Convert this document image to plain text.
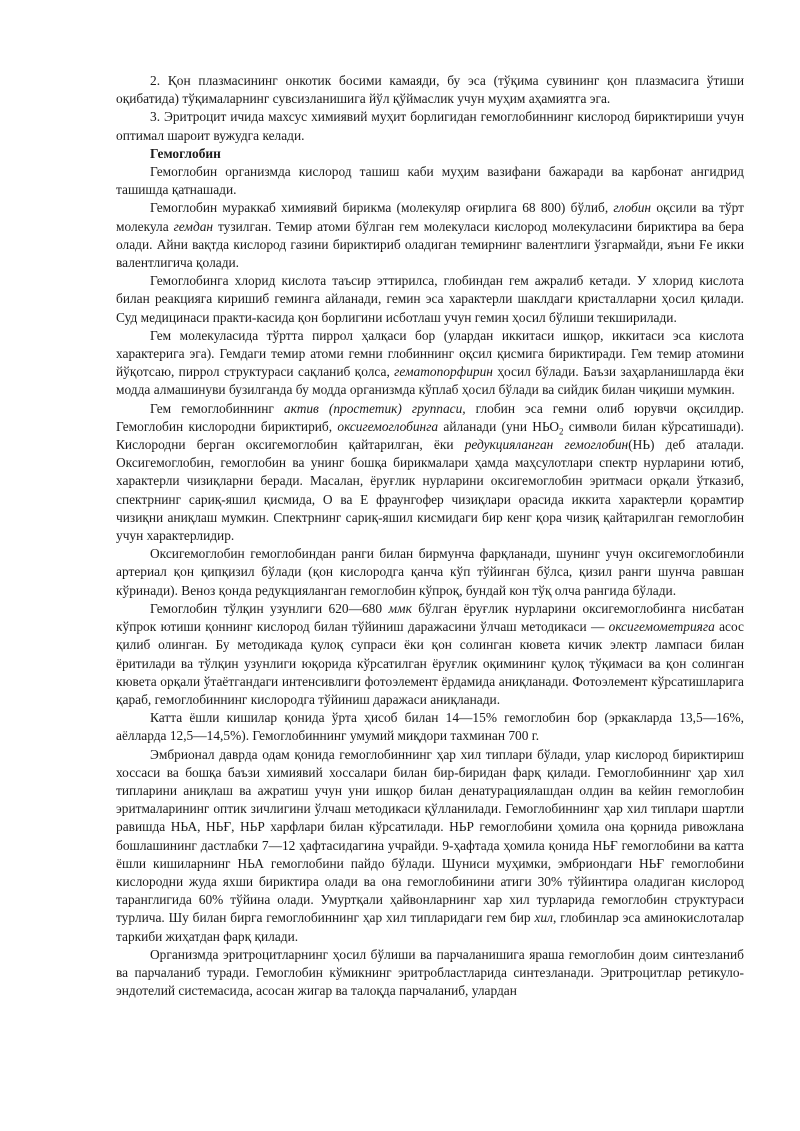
2. Қон плазмасининг онкотик босими камаяди, бу эса (тўқима сувининг қон плазмасига ўтиши оқибатида) тўқималарнинг сувсизланишига йўл қўймаслик учун муҳим аҳамиятга эга.

3. Эритроцит ичида махсус химиявий муҳит борлигидан гемоглобиннинг кислород бириктириши учун оптимал шароит вужудга келади.

Гемоглобин

Гемоглобин организмда кислород ташиш каби муҳим вазифани бажаради ва карбонат ангидрид ташишда қатнашади.

Гемоглобин мураккаб химиявий бирикма (молекуляр оғирлига 68 800) бўлиб, глобин оқсили ва тўрт молекула гемдан тузилган. Темир атоми бўлган гем молекуласи кислород молекуласини бириктира ва бера олади. Айни вақтда кислород газини бириктириб оладиган темирнинг валентлиги ўзгармайди, яъни Fe икки валентлигича қолади.

Гемоглобинга хлорид кислота таъсир эттирилса, глобиндан гем ажралиб кетади. У хлорид кислота билан реакцияга киришиб геминга айланади, гемин эса характерли шаклдаги кристалларни ҳосил қилади. Суд медицинаси практи-касида қон борлигини исботлаш учун гемин ҳосил бўлиши текширилади.

Гем молекуласида тўртта пиррол ҳалқаси бор (улардан иккитаси ишқор, иккитаси эса кислота характерига эга). Гемдаги темир атоми гемни глобиннинг оқсил қисмига бириктиради. Гем темир атомини йўқотсаю, пиррол структураси сақланиб қолса, гематопорфирин ҳосил бўлади. Баъзи заҳарланишларда ёки модда алмашинуви бузилганда бу модда организмда кўплаб ҳосил бўлади ва сийдик билан чиқиши мумкин.

Гем гемоглобиннинг актив (простетик) группаси, глобин эса гемни олиб юрувчи оқсилдир. Гемоглобин кислородни бириктириб, оксигемоглобинга айланади (уни $НЬО_2$ символи билан кўрсатишади). Кислородни берган оксигемоглобин қайтарилган, ёки редукцияланган гемоглобин(НЬ) деб аталади. Оксигемоглобин, гемоглобин ва унинг бошқа бирикмалари ҳамда маҳсулотлари спектр нурларини ютиб, характерли чизиқларни беради. Масалан, ёруғлик нурларини оксигемоглобин эритмаси орқали ўтказиб, спектрнинг сариқ-яшил қисмида, О ва Е фраунгофер чизиқлари орасида иккита характерли қорамтир чизиқни аниқлаш мумкин. Спектрнинг сариқ-яшил кисмидаги бир кенг қора чизиқ қайтарилган гемоглобин учун характерлидир.

Оксигемоглобин гемоглобиндан ранги билан бирмунча фарқланади, шунинг учун оксигемоглобинли артериал қон қипқизил бўлади (қон кислородга қанча кўп тўйинган бўлса, қизил ранги шунча равшан кўринади). Веноз қонда редукцияланган гемоглобин кўпроқ, бундай кон тўқ олча рангида бўлади.

Гемоглобин тўлқин узунлиги 620—680 ммк бўлган ёруғлик нурларини оксигемоглобинга нисбатан кўпрок ютиши қоннинг кислород билан тўйиниш даражасини ўлчаш методикаси — оксигемометрияга асос қилиб олинган. Бу методикада қулоқ супраси ёки қон солинган кювета кичик электр лампаси билан ёритилади ва тўлқин узунлиги юқорида кўрсатилган ёруғлик оқимининг қулоқ тўқимаси ва қон солинган кювета орқали ўтаётгандаги интенсивлиги фотоэлемент ёрдамида аниқланади. Фотоэлемент кўрсатишларига қараб, гемоглобиннинг кислородга тўйиниш даражаси аниқланади.

Катта ёшли кишилар қонида ўрта ҳисоб билан 14—15% гемоглобин бор (эркакларда 13,5—16%, аёлларда 12,5—14,5%). Гемоглобиннинг умумий миқдори тахминан 700 г.

Эмбрионал даврда одам қонида гемоглобиннинг ҳар хил типлари бўлади, улар кислород бириктириш хоссаси ва бошқа баъзи химиявий хоссалари билан бир-биридан фарқ қилади. Гемоглобиннинг ҳар хил типларини аниқлаш ва ажратиш учун уни ишқор билан денатурациялашдан олдин ва кейин гемоглобин эритмаларининг оптик зичлигини ўлчаш методикаси қўлланилади. Гемоглобиннинг ҳар хил типлари шартли равишда НЬА, НЬҒ, НЬР харфлари билан кўрсатилади. НЬР гемоглобини ҳомила она қорнида ривожлана бошлашининг дастлабки 7—12 ҳафтасидагина учрайди. 9-ҳафтада ҳомила қонида НЬҒ гемоглобини ва катта ёшли кишиларнинг НЬА гемоглобини пайдо бўлади. Шуниси муҳимки, эмбриондаги НЬҒ гемоглобини кислородни жуда яхши бириктира олади ва она гемоглобинини атиги 30% тўйинтира оладиган кислород таранглигида 60% тўйина олади. Умуртқали ҳайвонларнинг хар хил турларида гемоглобин структураси турлича. Шу билан бирга гемоглобиннинг ҳар хил типларидаги гем бир хил, глобинлар эса аминокислоталар таркиби жиҳатдан фарқ қилади.

Организмда эритроцитларнинг ҳосил бўлиши ва парчаланишига яраша гемоглобин доим синтезланиб ва парчаланиб туради. Гемоглобин кўмикнинг эритробластларида синтезланади. Эритроцитлар ретикуло-эндотелий системасида, асосан жигар ва талоқда парчаланиб, улардан
